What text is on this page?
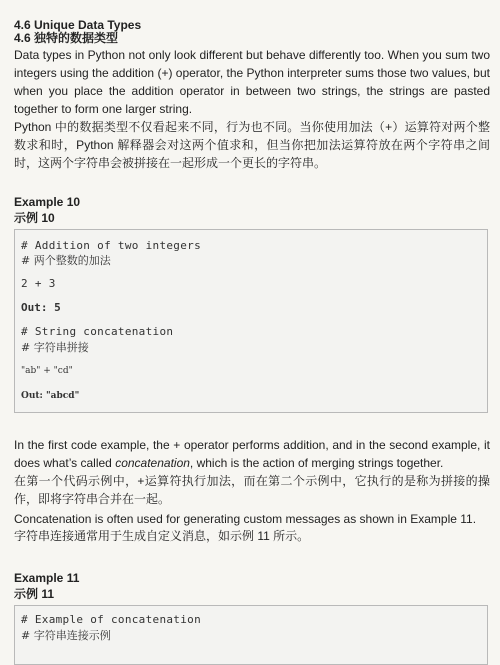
4.6 Unique Data Types

4.6 独特的数据类型

Data types in Python not only look different but behave differently too. When you sum two integers using the addition (+) operator, the Python interpreter sums those two values, but when you place the addition operator in between two strings, the strings are pasted together to form one larger string.

Python 中的数据类型不仅看起来不同，行为也不同。当你使用加法（+）运算符对两个整数求和时，Python 解释器会对这两个值求和，但当你把加法运算符放在两个字符串之间时，这两个字符串会被拼接在一起形成一个更长的字符串。

Example 10

示例 10

# Addition of two integers
# 两个整数的加法
2 + 3
Out: 5
# String concatenation
# 字符串拼接
"ab" + "cd"
Out: "abcd"

In the first code example, the + operator performs addition, and in the second example, it does what’s called concatenation, which is the action of merging strings together.

在第一个代码示例中，+运算符执行加法，而在第二个示例中，它执行的是称为拼接的操作，即将字符串合并在一起。

Concatenation is often used for generating custom messages as shown in Example 11.

字符串连接通常用于生成自定义消息，如示例 11 所示。

Example 11

示例 11

# Example of concatenation
# 字符串连接示例
